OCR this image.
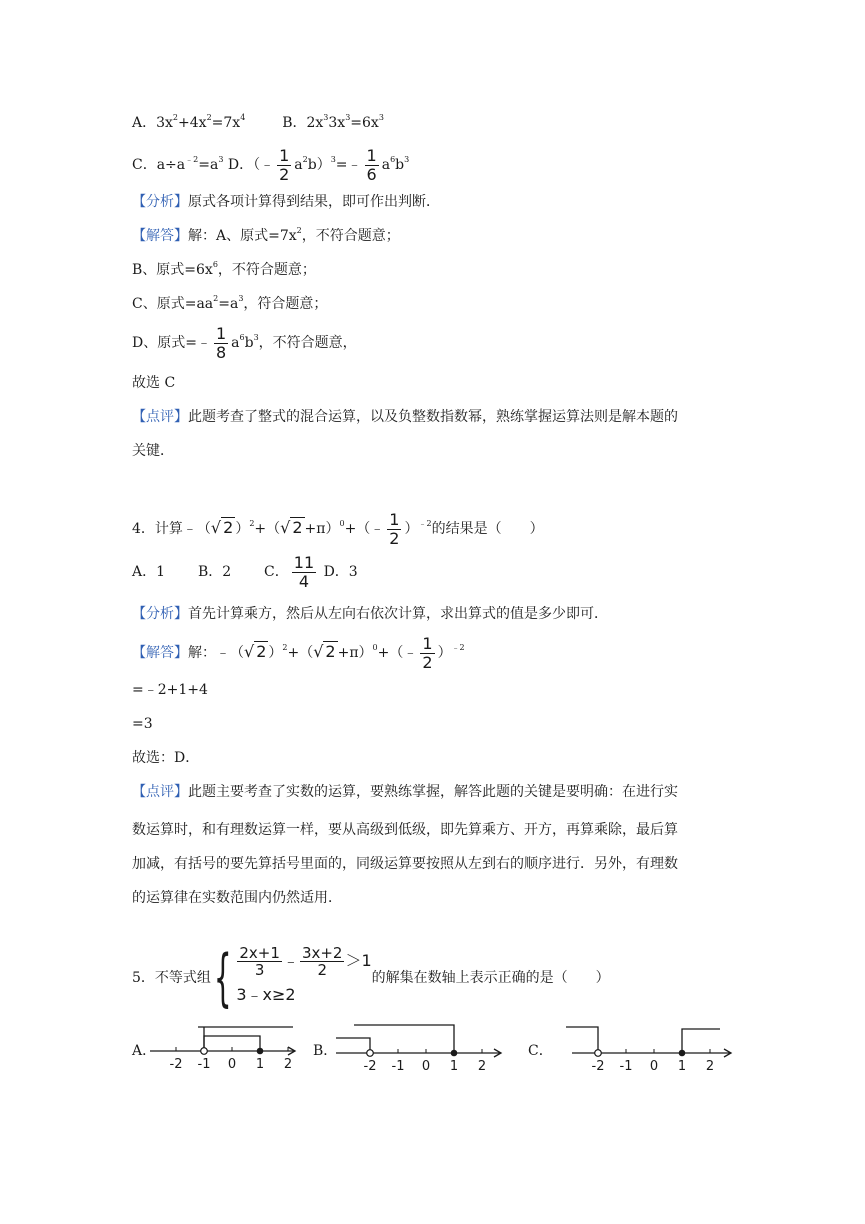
A．$3x^2+4x^2=7x^4$	B．$2x^33x^3=6x^3$
C．$a\div a^{﹣2}=a^3$ D．（﹣ $\frac{1}{2}$ $a^2b)^3=﹣ \frac{1}{6} a^6b^3$
【分析】原式各项计算得到结果，即可作出判断．
【解答】解：A、原式$=7x^2$，不符合题意；
B、原式$=6x^6$，不符合题意；
C、原式$=aa^2=a^3$，符合题意；
D、原式=﹣ $\frac{1}{8} a^6b^3$，不符合题意，
故选 C
【点评】此题考查了整式的混合运算，以及负整数指数幂，熟练掌握运算法则是解本题的
关键．
4．计算﹣（√ 2 ）$^2$+（√ 2 +π）$^0$+（﹣ $\frac{1}{2} )^{﹣2}$的结果是（　　）
A．1 B．2 C． $\frac{11}{4}$ D．3
【分析】首先计算乘方，然后从左向右依次计算，求出算式的值是多少即可．
【解答】解：﹣（√ 2 ）$^2$+（√ 2 +π）$^0$+（﹣ $\frac{1}{2} )^{﹣2}$
=﹣2+1+4
=3
故选：D．
【点评】此题主要考查了实数的运算，要熟练掌握，解答此题的关键是要明确：在进行实
数运算时，和有理数运算一样，要从高级到低级，即先算乘方、开方，再算乘除，最后算
加减，有括号的要先算括号里面的，同级运算要按照从左到右的顺序进行．另外，有理数
的运算律在实数范围内仍然适用．
5．不等式组 { $\frac{2x+1}{3}$ ﹣ $\frac{3x+2}{2} >1$
3﹣x≥2
的解集在数轴上表示正确的是（　　）
A．	B．	C．
-2 -1 0 1 2	-2 -1 0 1 2	-2 -1 0 1 2
